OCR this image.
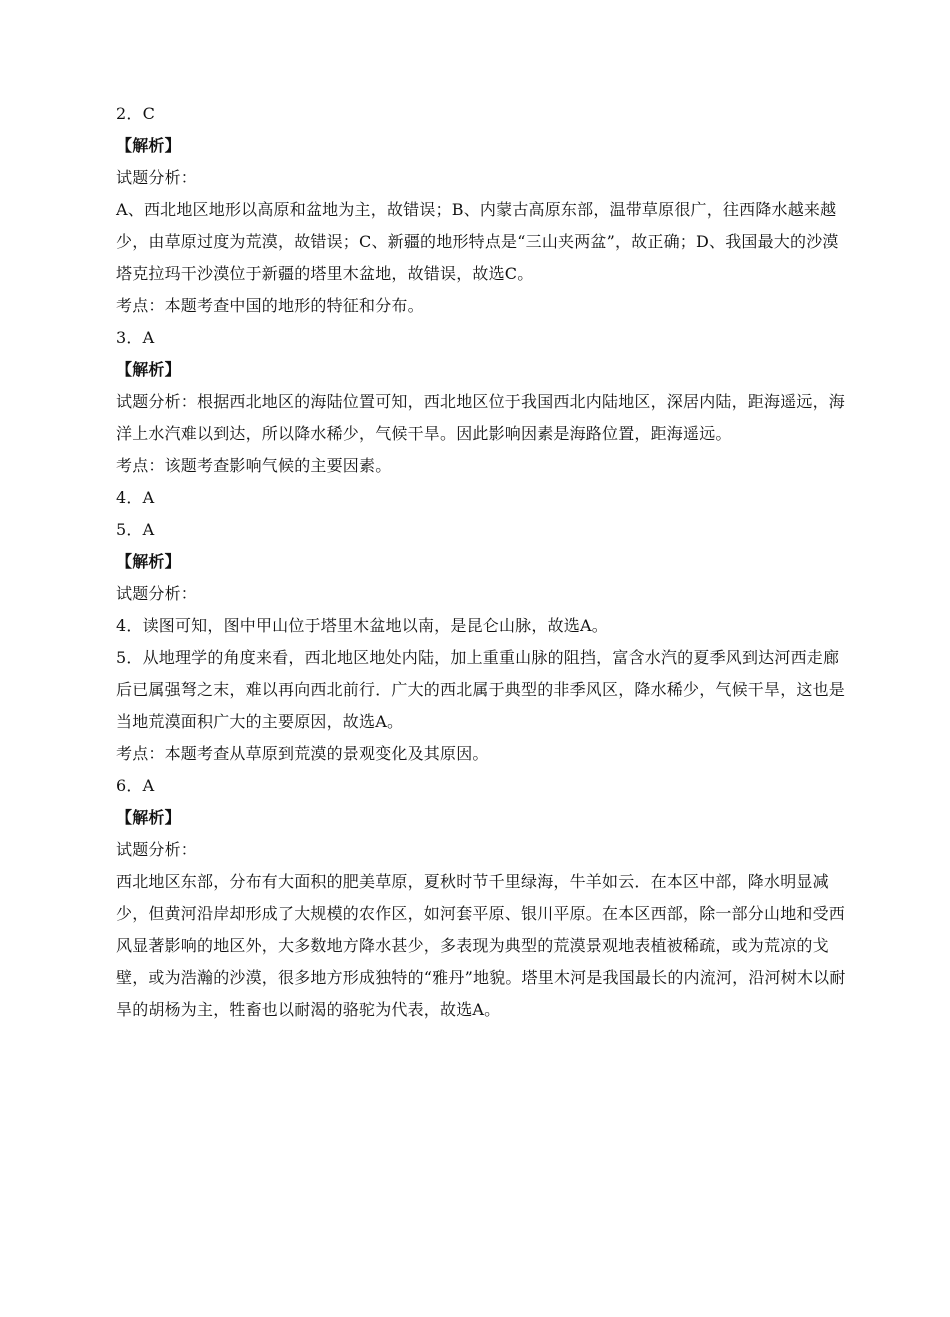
2．C
【解析】
试题分析：

A、西北地区地形以高原和盆地为主，故错误；B、内蒙古高原东部，温带草原很广，往西降水越来越少，由草原过度为荒漠，故错误；C、新疆的地形特点是“三山夹两盆”，故正确；D、我国最大的沙漠塔克拉玛干沙漠位于新疆的塔里木盆地，故错误，故选C。

考点：本题考查中国的地形的特征和分布。
3．A
【解析】

试题分析：根据西北地区的海陆位置可知，西北地区位于我国西北内陆地区，深居内陆，距海遥远，海洋上水汽难以到达，所以降水稀少，气候干旱。因此影响因素是海路位置，距海遥远。

考点：该题考查影响气候的主要因素。
4．A
5．A
【解析】
试题分析：
4．读图可知，图中甲山位于塔里木盆地以南，是昆仑山脉，故选A。

5．从地理学的角度来看，西北地区地处内陆，加上重重山脉的阻挡，富含水汽的夏季风到达河西走廊后已属强弩之末，难以再向西北前行．广大的西北属于典型的非季风区，降水稀少，气候干旱，这也是当地荒漠面积广大的主要原因，故选A。

考点：本题考查从草原到荒漠的景观变化及其原因。
6．A
【解析】
试题分析：

西北地区东部，分布有大面积的肥美草原，夏秋时节千里绿海，牛羊如云．在本区中部，降水明显减少，但黄河沿岸却形成了大规模的农作区，如河套平原、银川平原。在本区西部，除一部分山地和受西风显著影响的地区外，大多数地方降水甚少，多表现为典型的荒漠景观地表植被稀疏，或为荒凉的戈壁，或为浩瀚的沙漠，很多地方形成独特的“雅丹”地貌。塔里木河是我国最长的内流河，沿河树木以耐旱的胡杨为主，牲畜也以耐渴的骆驼为代表，故选A。
